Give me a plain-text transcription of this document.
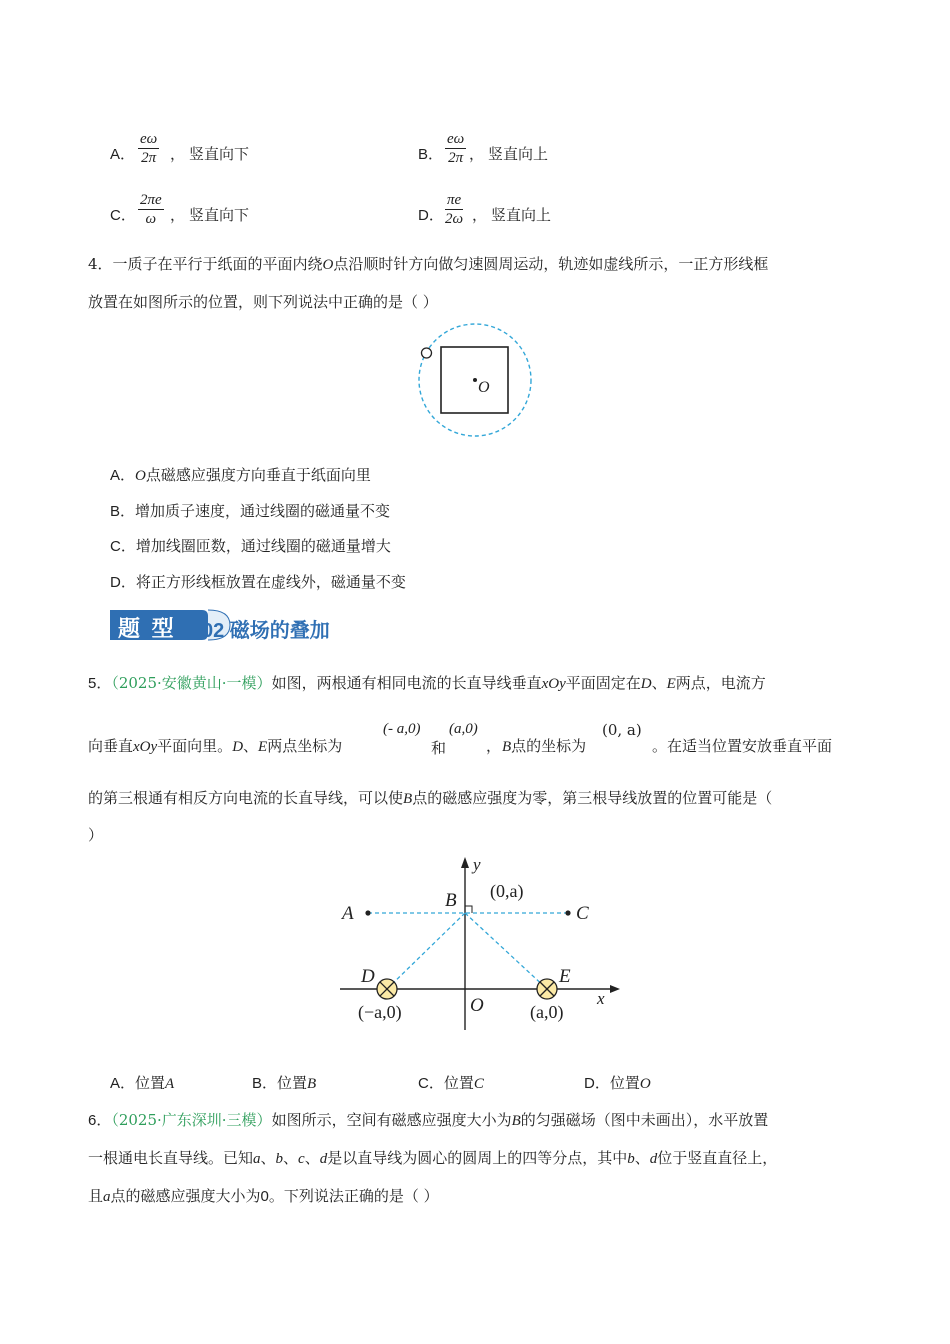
A． $\frac{e\omega}{2\pi}$ ， 竖直向下	B． $\frac{e\omega}{2\pi}$ ， 竖直向上
C． $\frac{2\pi e}{\omega}$ ， 竖直向下	D． $\frac{\pi e}{2\omega}$ ， 竖直向上
4．一质子在平行于纸面的平面内绕O点沿顺时针方向做匀速圆周运动，轨迹如虚线所示，一正方形线框
放置在如图所示的位置，则下列说法中正确的是（ ）
O
A．O点磁感应强度方向垂直于纸面向里
B．增加质子速度，通过线圈的磁通量不变
C．增加线圈匝数，通过线圈的磁通量增大
D．将正方形线框放置在虚线外，磁通量不变
题 型 02 磁场的叠加
5．（2025·安徽黄山·一模）如图，两根通有相同电流的长直导线垂直xOy平面固定在D、E两点，电流方
向垂直xOy平面向里。D、E两点坐标为
(- a,0)
和
(a,0)
， B点的坐标为
(0, a)
。在适当位置安放垂直平面
的第三根通有相反方向电流的长直导线，可以使B点的磁感应强度为零，第三根导线放置的位置可能是（
）
A	C
B (0,a)
y
x
O
D	E
(−a,0)	(a,0)
A．位置A	B．位置B	C．位置C	D．位置O
6．（2025·广东深圳·三模）如图所示，空间有磁感应强度大小为B的匀强磁场（图中未画出），水平放置
一根通电长直导线。已知a、b、c、d是以直导线为圆心的圆周上的四等分点，其中b、d位于竖直直径上，
且a点的磁感应强度大小为0。下列说法正确的是（ ）
